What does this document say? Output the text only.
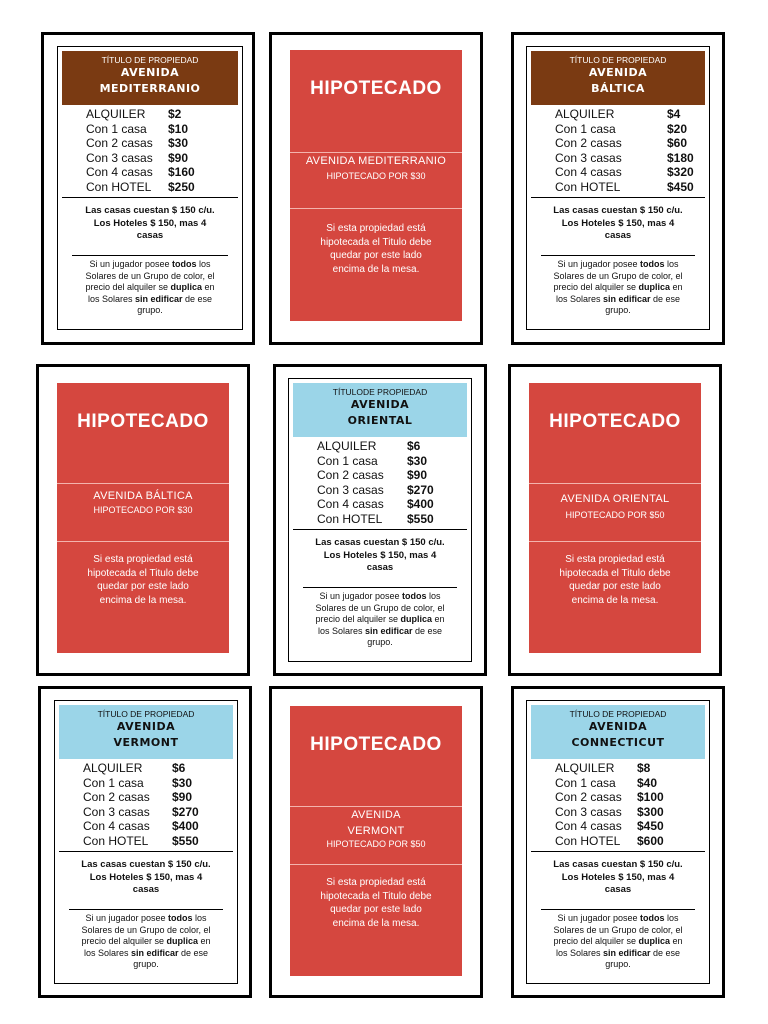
TÍTULO DE PROPIEDAD
AVENIDA
MEDITERRANIO
ALQUILER $2
Con 1 casa $10
Con 2 casas $30
Con 3 casas $90
Con 4 casas $160
Con HOTEL $250
Las casas cuestan $ 150 c/u.
Los Hoteles $ 150, mas 4
casas
Si un jugador posee todos los
Solares de un Grupo de color, el
precio del alquiler se duplica en
los Solares sin edificar de ese
grupo.
TÍTULO DE PROPIEDAD
AVENIDA
BÁLTICA
ALQUILER	$4
Con 1 casa	$20
Con 2 casas	$60
Con 3 casas	$180
Con 4 casas	$320
Con HOTEL	$450
Las casas cuestan $ 150 c/u.
Los Hoteles $ 150, mas 4
casas
Si un jugador posee todos los
Solares de un Grupo de color, el
precio del alquiler se duplica en
los Solares sin edificar de ese
grupo.
TÍTULODE PROPIEDAD
AVENIDA
ORIENTAL
ALQUILER	$6
Con 1 casa $30
Con 2 casas $90
Con 3 casas $270
Con 4 casas $400
Con HOTEL $550
Las casas cuestan $ 150 c/u.
Los Hoteles $ 150, mas 4
casas
Si un jugador posee todos los
Solares de un Grupo de color, el
precio del alquiler se duplica en
los Solares sin edificar de ese
grupo.
TÍTULO DE PROPIEDAD
AVENIDA
VERMONT
ALQUILER $6
Con 1 casa $30
Con 2 casas $90
Con 3 casas $270
Con 4 casas $400
Con HOTEL $550
Las casas cuestan $ 150 c/u.
Los Hoteles $ 150, mas 4
casas
Si un jugador posee todos los
Solares de un Grupo de color, el
precio del alquiler se duplica en
los Solares sin edificar de ese
grupo.
TÍTULO DE PROPIEDAD
AVENIDA
CONNECTICUT
ALQUILER $8
Con 1 casa $40
Con 2 casas $100
Con 3 casas $300
Con 4 casas $450
Con HOTEL $600
Las casas cuestan $ 150 c/u.
Los Hoteles $ 150, mas 4
casas
Si un jugador posee todos los
Solares de un Grupo de color, el
precio del alquiler se duplica en
los Solares sin edificar de ese
grupo.
HIPOTECADO
AVENIDA MEDITERRANIO
HIPOTECADO POR $30
Si esta propiedad está
hipotecada el Titulo debe
quedar por este lado
encima de la mesa.
HIPOTECADO
AVENIDA BÁLTICA
HIPOTECADO POR $30
Si esta propiedad está
hipotecada el Titulo debe
quedar por este lado
encima de la mesa.
HIPOTECADO
AVENIDA ORIENTAL
HIPOTECADO POR $50
Si esta propiedad está
hipotecada el Titulo debe
quedar por este lado
encima de la mesa.
HIPOTECADO
AVENIDA
VERMONT
HIPOTECADO POR $50
Si esta propiedad está
hipotecada el Titulo debe
quedar por este lado
encima de la mesa.
